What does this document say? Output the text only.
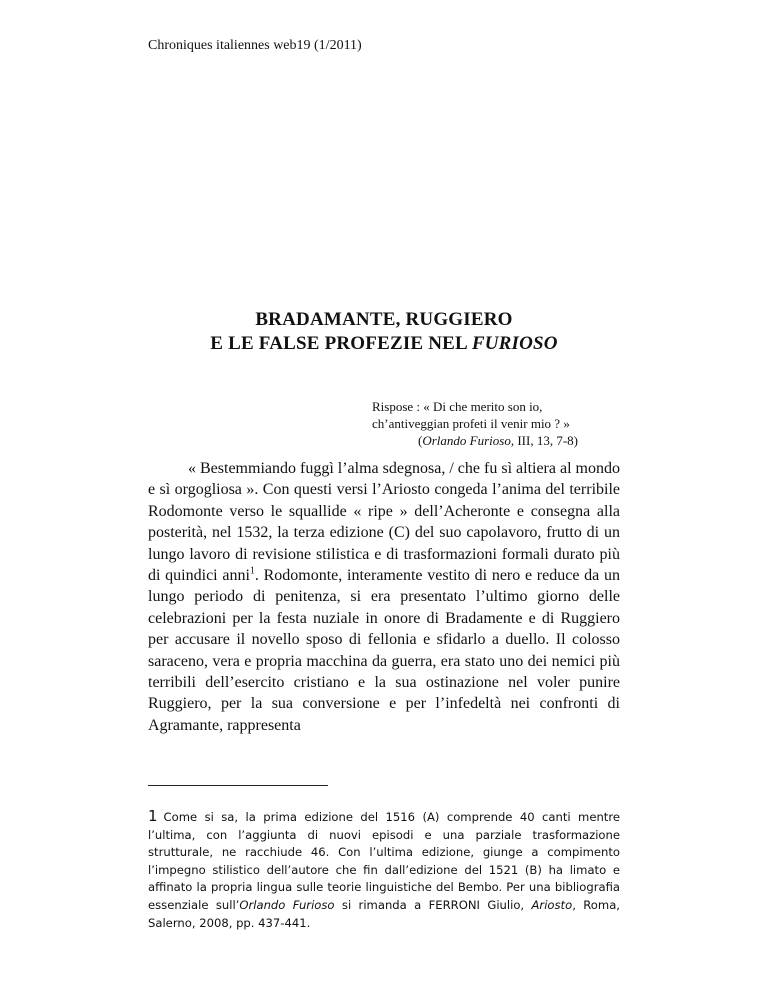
Chroniques italiennes web19 (1/2011)
BRADAMANTE, RUGGIERO
E LE FALSE PROFEZIE NEL FURIOSO
Rispose : « Di che merito son io,
ch’antiveggian profeti il venir mio ? »
(Orlando Furioso, III, 13, 7-8)

« Bestemmiando fuggì l’alma sdegnosa, / che fu sì altiera al mondo e sì orgogliosa ». Con questi versi l’Ariosto congeda l’anima del terribile Rodomonte verso le squallide « ripe » dell’Acheronte e consegna alla posterità, nel 1532, la terza edizione (C) del suo capolavoro, frutto di un lungo lavoro di revisione stilistica e di trasformazioni formali durato più di quindici anni$^1$. Rodomonte, interamente vestito di nero e reduce da un lungo periodo di penitenza, si era presentato l’ultimo giorno delle celebrazioni per la festa nuziale in onore di Bradamente e di Ruggiero per accusare il novello sposo di fellonia e sfidarlo a duello. Il colosso saraceno, vera e propria macchina da guerra, era stato uno dei nemici più terribili dell’esercito cristiano e la sua ostinazione nel voler punire Ruggiero, per la sua conversione e per l’infedeltà nei confronti di Agramante, rappresenta

1 Come si sa, la prima edizione del 1516 (A) comprende 40 canti mentre l’ultima, con l’aggiunta di nuovi episodi e una parziale trasformazione strutturale, ne racchiude 46. Con l’ultima edizione, giunge a compimento l’impegno stilistico dell’autore che fin dall’edizione del 1521 (B) ha limato e affinato la propria lingua sulle teorie linguistiche del Bembo. Per una bibliografia essenziale sull’Orlando Furioso si rimanda a FERRONI Giulio, Ariosto, Roma, Salerno, 2008, pp. 437-441.
